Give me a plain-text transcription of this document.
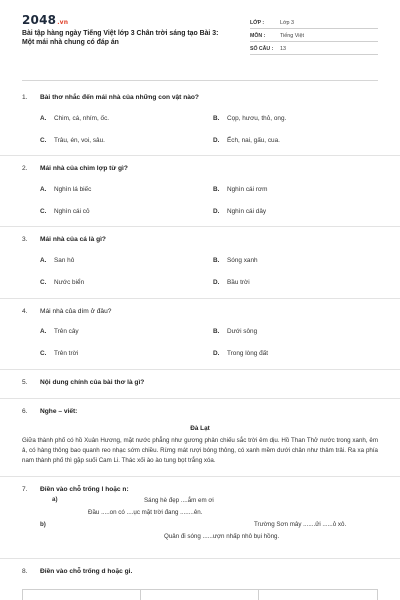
2048.vn
Bài tập hàng ngày Tiếng Việt lớp 3 Chân trời sáng tạo Bài 3: Một mái nhà chung có đáp án
LỚP :	Lớp 3
MÔN :	Tiếng Việt
SỐ CÂU :	13
1. Bài thơ nhắc đến mái nhà của những con vật nào?
A.	Chim, cá, nhím, ốc.	B.	Cọp, hươu, thỏ, ong.
C.	Trâu, én, voi, sâu.	D.	Ếch, nai, gấu, cua.
2. Mái nhà của chim lợp từ gì?
A.	Nghìn lá biếc	B.	Nghìn cái rơm
C.	Nghìn cái cỏ	D.	Nghìn cái dây
3. Mái nhà của cá là gì?
A.	San hô	B.	Sóng xanh
C.	Nước biển	D.	Bầu trời
4. Mái nhà của dím ở đâu?
A.	Trên cây	B.	Dưới sông
C.	Trên trời	D.	Trong lòng đất
5. Nội dung chính của bài thơ là gì?
6. Nghe – viết:
Đà Lạt
Giữa thành phố có hồ Xuân Hương, mặt nước phẳng như gương phản chiếu sắc trời êm dịu. Hồ Than Thở nước trong xanh, êm ả, có hàng thông bao quanh reo nhạc sớm chiều. Rừng mát rượi bóng thông, có xanh mềm dưới chân như thảm trải. Ra xa phía nam thành phố thì gặp suối Cam Li. Thác xối ào ào tung bọt trắng xóa.
7. Điền vào chỗ trống l hoặc n:
a)	Sáng hè đẹp ....ắm em ơi
Đầu .....on có ....ục mặt trời đang ........ên.
b)	Trường Sơn mây .......ửi ......ỏ xô.
Quân đi sóng ......ượn nhấp nhô bụi hồng.
8. Điền vào chỗ trống d hoặc gi.
